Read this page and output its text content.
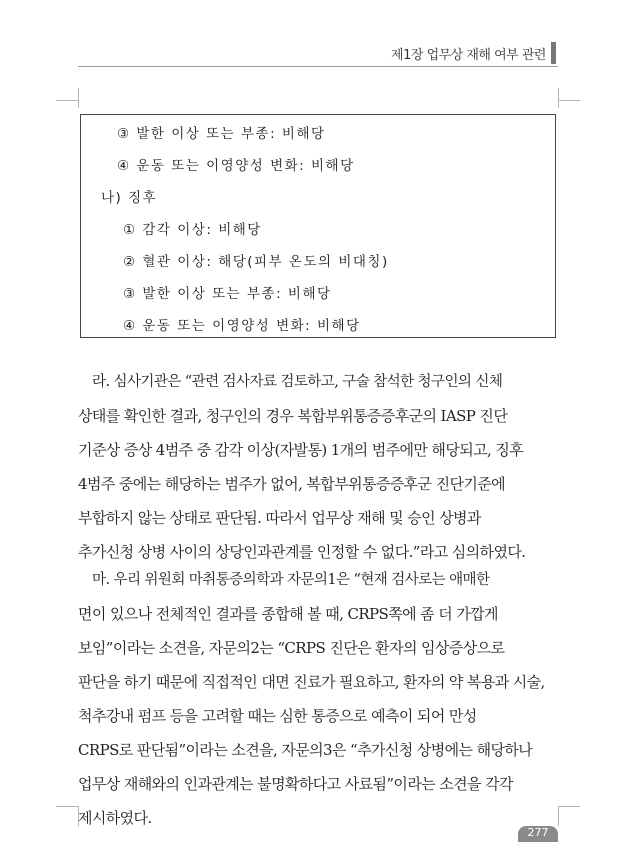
제1장 업무상 재해 여부 관련
③ 발한 이상 또는 부종: 비해당
④ 운동 또는 이영양성 변화: 비해당
나) 징후
① 감각 이상: 비해당
② 혈관 이상: 해당(피부 온도의 비대칭)
③ 발한 이상 또는 부종: 비해당
④ 운동 또는 이영양성 변화: 비해당
라. 심사기관은 “관련 검사자료 검토하고, 구술 참석한 청구인의 신체
상태를 확인한 결과, 청구인의 경우 복합부위통증증후군의 IASP 진단
기준상 증상 4범주 중 감각 이상(자발통) 1개의 범주에만 해당되고, 징후
4범주 중에는 해당하는 범주가 없어, 복합부위통증증후군 진단기준에
부합하지 않는 상태로 판단됨. 따라서 업무상 재해 및 승인 상병과
추가신청 상병 사이의 상당인과관계를 인정할 수 없다.”라고 심의하였다.
마. 우리 위원회 마취통증의학과 자문의1은 “현재 검사로는 애매한
면이 있으나 전체적인 결과를 종합해 볼 때, CRPS쪽에 좀 더 가깝게
보임”이라는 소견을, 자문의2는 “CRPS 진단은 환자의 임상증상으로
판단을 하기 때문에 직접적인 대면 진료가 필요하고, 환자의 약 복용과 시술,
척추강내 펌프 등을 고려할 때는 심한 통증으로 예측이 되어 만성
CRPS로 판단됨”이라는 소견을, 자문의3은 “추가신청 상병에는 해당하나
업무상 재해와의 인과관계는 불명확하다고 사료됨”이라는 소견을 각각
제시하였다.
277
